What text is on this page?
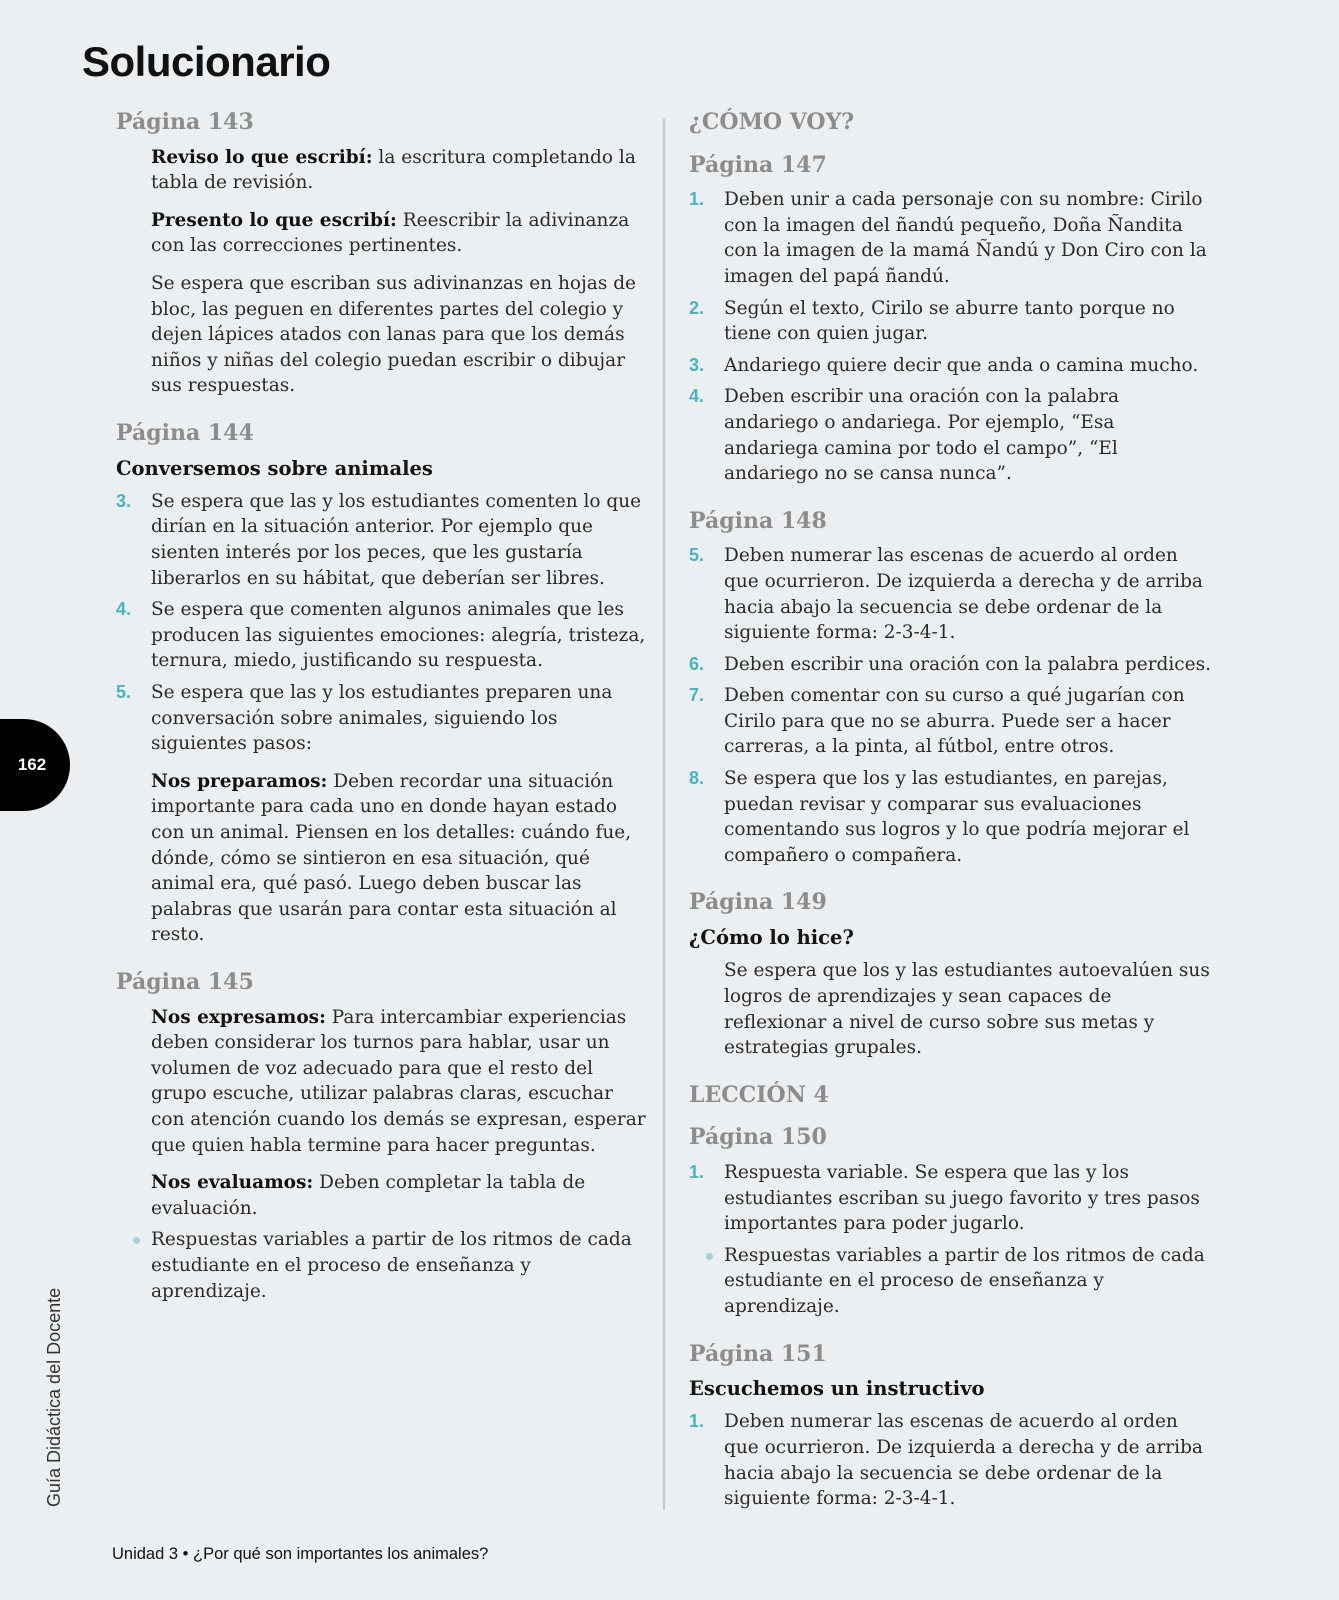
Solucionario
Página 143

Reviso lo que escribí: la escritura completando la tabla de revisión.

Presento lo que escribí: Reescribir la adivinanza con las correcciones pertinentes.

Se espera que escriban sus adivinanzas en hojas de bloc, las peguen en diferentes partes del colegio y dejen lápices atados con lanas para que los demás niños y niñas del colegio puedan escribir o dibujar sus respuestas.

Página 144
Conversemos sobre animales
3. Se espera que las y los estudiantes comenten lo que dirían en la situación anterior. Por ejemplo que sienten interés por los peces, que les gustaría liberarlos en su hábitat, que deberían ser libres.
4. Se espera que comenten algunos animales que les producen las siguientes emociones: alegría, tristeza, ternura, miedo, justificando su respuesta.
5. Se espera que las y los estudiantes preparen una conversación sobre animales, siguiendo los siguientes pasos:

Nos preparamos: Deben recordar una situación importante para cada uno en donde hayan estado con un animal. Piensen en los detalles: cuándo fue, dónde, cómo se sintieron en esa situación, qué animal era, qué pasó. Luego deben buscar las palabras que usarán para contar esta situación al resto.

Página 145

Nos expresamos: Para intercambiar experiencias deben considerar los turnos para hablar, usar un volumen de voz adecuado para que el resto del grupo escuche, utilizar palabras claras, escuchar con atención cuando los demás se expresan, esperar que quien habla termine para hacer preguntas.

Nos evaluamos: Deben completar la tabla de evaluación.

Respuestas variables a partir de los ritmos de cada estudiante en el proceso de enseñanza y aprendizaje.
¿CÓMO VOY?
Página 147
1. Deben unir a cada personaje con su nombre: Cirilo con la imagen del ñandú pequeño, Doña Ñandita con la imagen de la mamá Ñandú y Don Ciro con la imagen del papá ñandú.
2. Según el texto, Cirilo se aburre tanto porque no tiene con quien jugar.
3. Andariego quiere decir que anda o camina mucho.
4. Deben escribir una oración con la palabra andariego o andariega. Por ejemplo, “Esa andariega camina por todo el campo”, “El andariego no se cansa nunca”.
Página 148
5. Deben numerar las escenas de acuerdo al orden que ocurrieron. De izquierda a derecha y de arriba hacia abajo la secuencia se debe ordenar de la siguiente forma: 2-3-4-1.
6. Deben escribir una oración con la palabra perdices.
7. Deben comentar con su curso a qué jugarían con Cirilo para que no se aburra. Puede ser a hacer carreras, a la pinta, al fútbol, entre otros.
8. Se espera que los y las estudiantes, en parejas, puedan revisar y comparar sus evaluaciones comentando sus logros y lo que podría mejorar el compañero o compañera.
Página 149
¿Cómo lo hice?

Se espera que los y las estudiantes autoevalúen sus logros de aprendizajes y sean capaces de reflexionar a nivel de curso sobre sus metas y estrategias grupales.

LECCIÓN 4
Página 150
1. Respuesta variable. Se espera que las y los estudiantes escriban su juego favorito y tres pasos importantes para poder jugarlo.
Respuestas variables a partir de los ritmos de cada estudiante en el proceso de enseñanza y aprendizaje.
Página 151
Escuchemos un instructivo
1. Deben numerar las escenas de acuerdo al orden que ocurrieron. De izquierda a derecha y de arriba hacia abajo la secuencia se debe ordenar de la siguiente forma: 2-3-4-1.
162
Guía Didáctica del Docente
Unidad 3 • ¿Por qué son importantes los animales?
